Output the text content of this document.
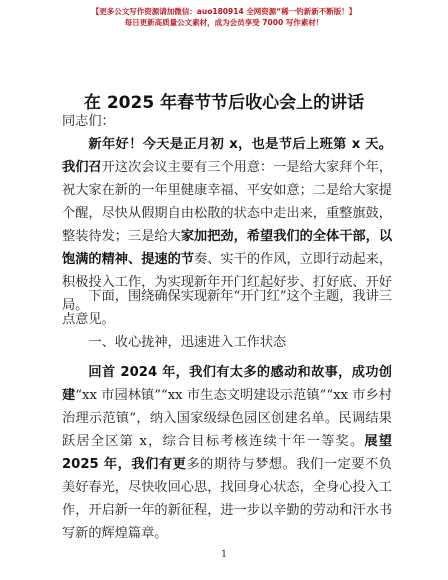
【更多公文写作资源请加微信：auo180914 全网资源“稀一钓新新不断版！】
每日更新高质量公文素材，成为会员享受 7000 写作素材！
在 2025 年春节节后收心会上的讲话

同志们：

新年好！今天是正月初 x，也是节后上班第 x 天。我们召开这次会议主要有三个用意：一是给大家拜个年，祝大家在新的一年里健康幸福、平安如意；二是给大家提个醒，尽快从假期自由松散的状态中走出来，重整旗鼓，整装待发；三是给大家加把劲，希望我们的全体干部，以饱满的精神、提速的节奏、实干的作风，立即行动起来，积极投入工作，为实现新年开门红起好步、打好底、开好局。

下面，围绕确保实现新年“开门红”这个主题，我讲三点意见。

一、收心拢神，迅速进入工作状态

回首 2024 年，我们有太多的感动和故事，成功创建“xx 市园林镇”“xx 市生态文明建设示范镇”“xx 市乡村治理示范镇”，纳入国家级绿色园区创建名单。民调结果跃居全区第 x，综合目标考核连续十年一等奖。展望 2025 年，我们有更多的期待与梦想。我们一定要不负美好春光，尽快收回心思，找回身心状态，全身心投入工作，开启新一年的新征程，进一步以辛勤的劳动和汗水书写新的辉煌篇章。

1
